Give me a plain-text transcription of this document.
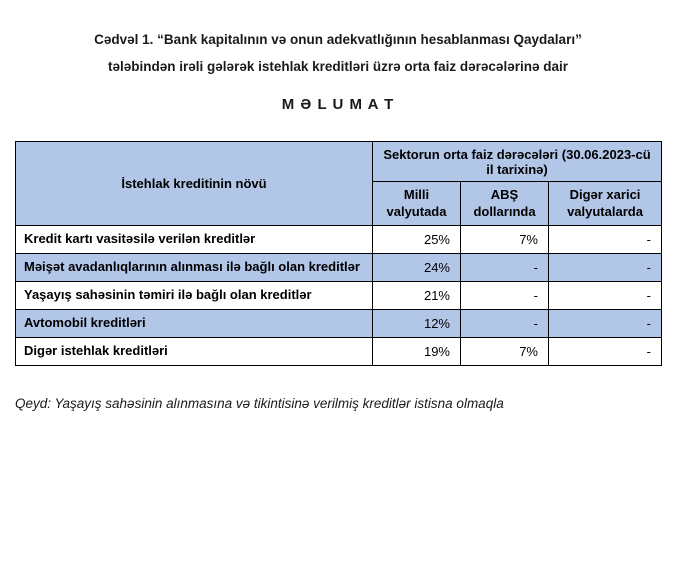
Cədvəl 1. “Bank kapitalının və onun adekvatlığının hesablanması Qaydaları”
tələbindən irəli gələrək istehlak kreditləri üzrə orta faiz dərəcələrinə dair
M Ə L U M A T
İstehlak kreditinin növü	Sektorun orta faiz dərəcələri (30.06.2023-cü il tarixinə)		
	Milli valyutada	ABŞ dollarında	Digər xarici valyutalarda
Kredit kartı vasitəsilə verilən kreditlər	25%	7%	-
Məişət avadanlıqlarının alınması ilə bağlı olan kreditlər	24%	-	-
Yaşayış sahəsinin təmiri ilə bağlı olan kreditlər	21%	-	-
Avtomobil kreditləri	12%	-	-
Digər istehlak kreditləri	19%	7%	-
Qeyd: Yaşayış sahəsinin alınmasına və tikintisinə verilmiş kreditlər istisna olmaqla
